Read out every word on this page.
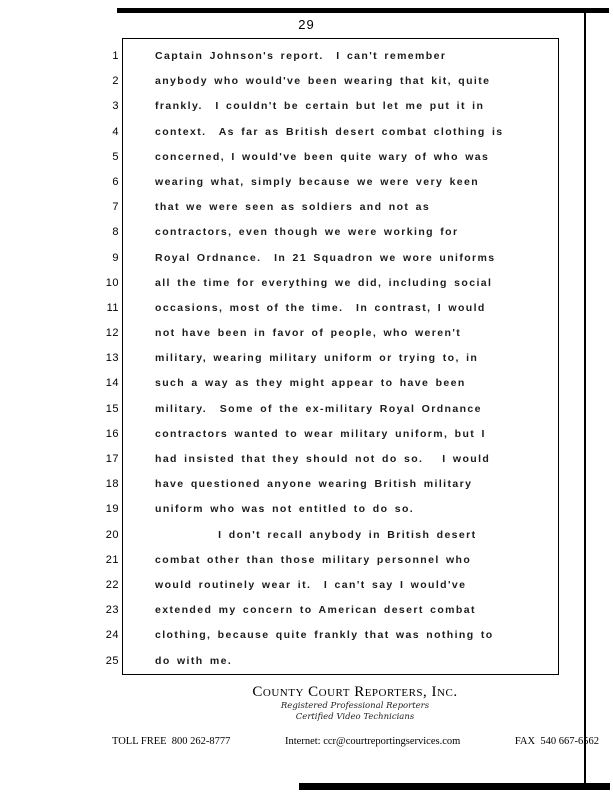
29
1	Captain Johnson's report.  I can't remember
2	anybody who would've been wearing that kit, quite
3	frankly.  I couldn't be certain but let me put it in
4	context.  As far as British desert combat clothing is
5	concerned, I would've been quite wary of who was
6	wearing what, simply because we were very keen
7	that we were seen as soldiers and not as
8	contractors, even though we were working for
9	Royal Ordnance.  In 21 Squadron we wore uniforms
10	all the time for everything we did, including social
11	occasions, most of the time.  In contrast, I would
12	not have been in favor of people, who weren't
13	military, wearing military uniform or trying to, in
14	such a way as they might appear to have been
15	military.  Some of the ex-military Royal Ordnance
16	contractors wanted to wear military uniform, but I
17	had insisted that they should not do so.   I would
18	have questioned anyone wearing British military
19	uniform who was not entitled to do so.
20	I don't recall anybody in British desert
21	combat other than those military personnel who
22	would routinely wear it.  I can't say I would've
23	extended my concern to American desert combat
24	clothing, because quite frankly that was nothing to
25	do with me.
County Court Reporters, Inc.
Registered Professional Reporters
Certified Video Technicians
TOLL FREE  800 262-8777	Internet: ccr@courtreportingservices.com	FAX  540 667-6562
